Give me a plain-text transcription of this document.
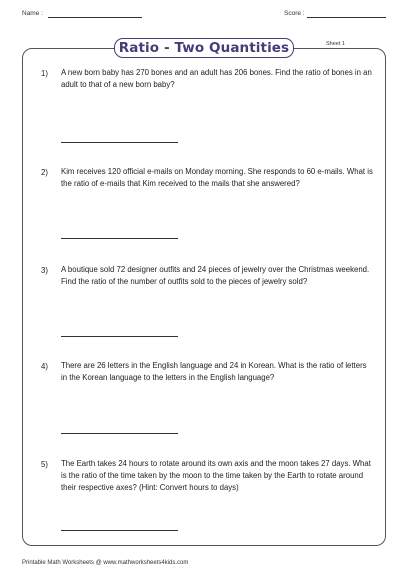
Name :	Score :
Ratio - Two Quantities	Sheet 1
1) A new born baby has 270 bones and an adult has 206 bones. Find the ratio of bones in an adult to that of a new born baby?
2) Kim receives 120 official e-mails on Monday morning. She responds to 60 e-mails. What is the ratio of e-mails that Kim received to the mails that she answered?
3) A boutique sold 72 designer outfits and 24 pieces of jewelry over the Christmas weekend. Find the ratio of the number of outfits sold to the pieces of jewelry sold?
4) There are 26 letters in the English language and 24 in Korean. What is the ratio of letters in the Korean language to the letters in the English language?
5) The Earth takes 24 hours to rotate around its own axis and the moon takes 27 days. What is the ratio of the time taken by the moon to the time taken by the Earth to rotate around their respective axes? (Hint: Convert hours to days)
Printable Math Worksheets @ www.mathworksheets4kids.com
